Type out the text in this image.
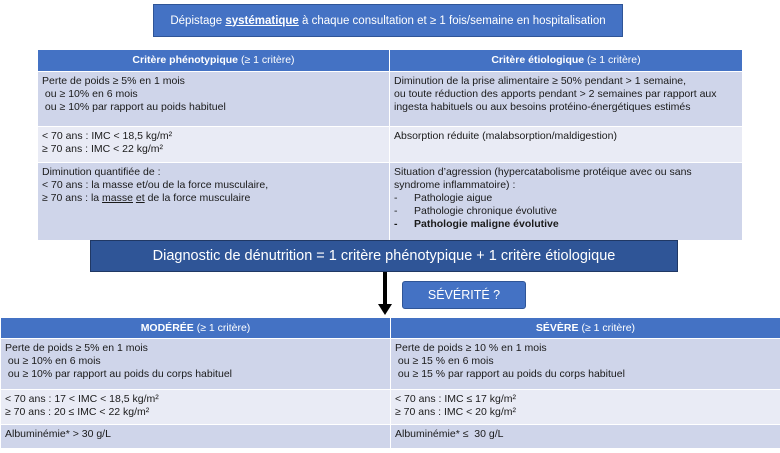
Dépistage systématique à chaque consultation et ≥ 1 fois/semaine en hospitalisation
Critère phénotypique (≥ 1 critère)	Critère étiologique (≥ 1 critère)

Perte de poids ≥ 5% en 1 mois
ou ≥ 10% en 6 mois
ou ≥ 10% par rapport au poids habituel	Diminution de la prise alimentaire ≥ 50% pendant > 1 semaine,
ou toute réduction des apports pendant > 2 semaines par rapport aux
ingesta habituels ou aux besoins protéino-énergétiques estimés

< 70 ans : IMC < 18,5 kg/m²
≥ 70 ans : IMC < 22 kg/m²	Absorption réduite (malabsorption/maldigestion)

Diminution quantifiée de :
< 70 ans : la masse et/ou de la force musculaire,
≥ 70 ans : la masse et de la force musculaire	Situation d’agression (hypercatabolisme protéique avec ou sans
syndrome inflammatoire) :
- Pathologie aigue
- Pathologie chronique évolutive
- Pathologie maligne évolutive
Diagnostic de dénutrition = 1 critère phénotypique + 1 critère étiologique
SÉVÉRITÉ ?
MODÉRÉE (≥ 1 critère)	SÉVÈRE (≥ 1 critère)

Perte de poids ≥ 5% en 1 mois
ou ≥ 10% en 6 mois
ou ≥ 10% par rapport au poids du corps habituel	Perte de poids ≥ 10 % en 1 mois
ou ≥ 15 % en 6 mois
ou ≥ 15 % par rapport au poids du corps habituel

< 70 ans : 17 < IMC < 18,5 kg/m²
≥ 70 ans : 20 ≤ IMC < 22 kg/m²	< 70 ans : IMC ≤ 17 kg/m²
≥ 70 ans : IMC < 20 kg/m²

Albuminémie* > 30 g/L	Albuminémie* ≤  30 g/L
